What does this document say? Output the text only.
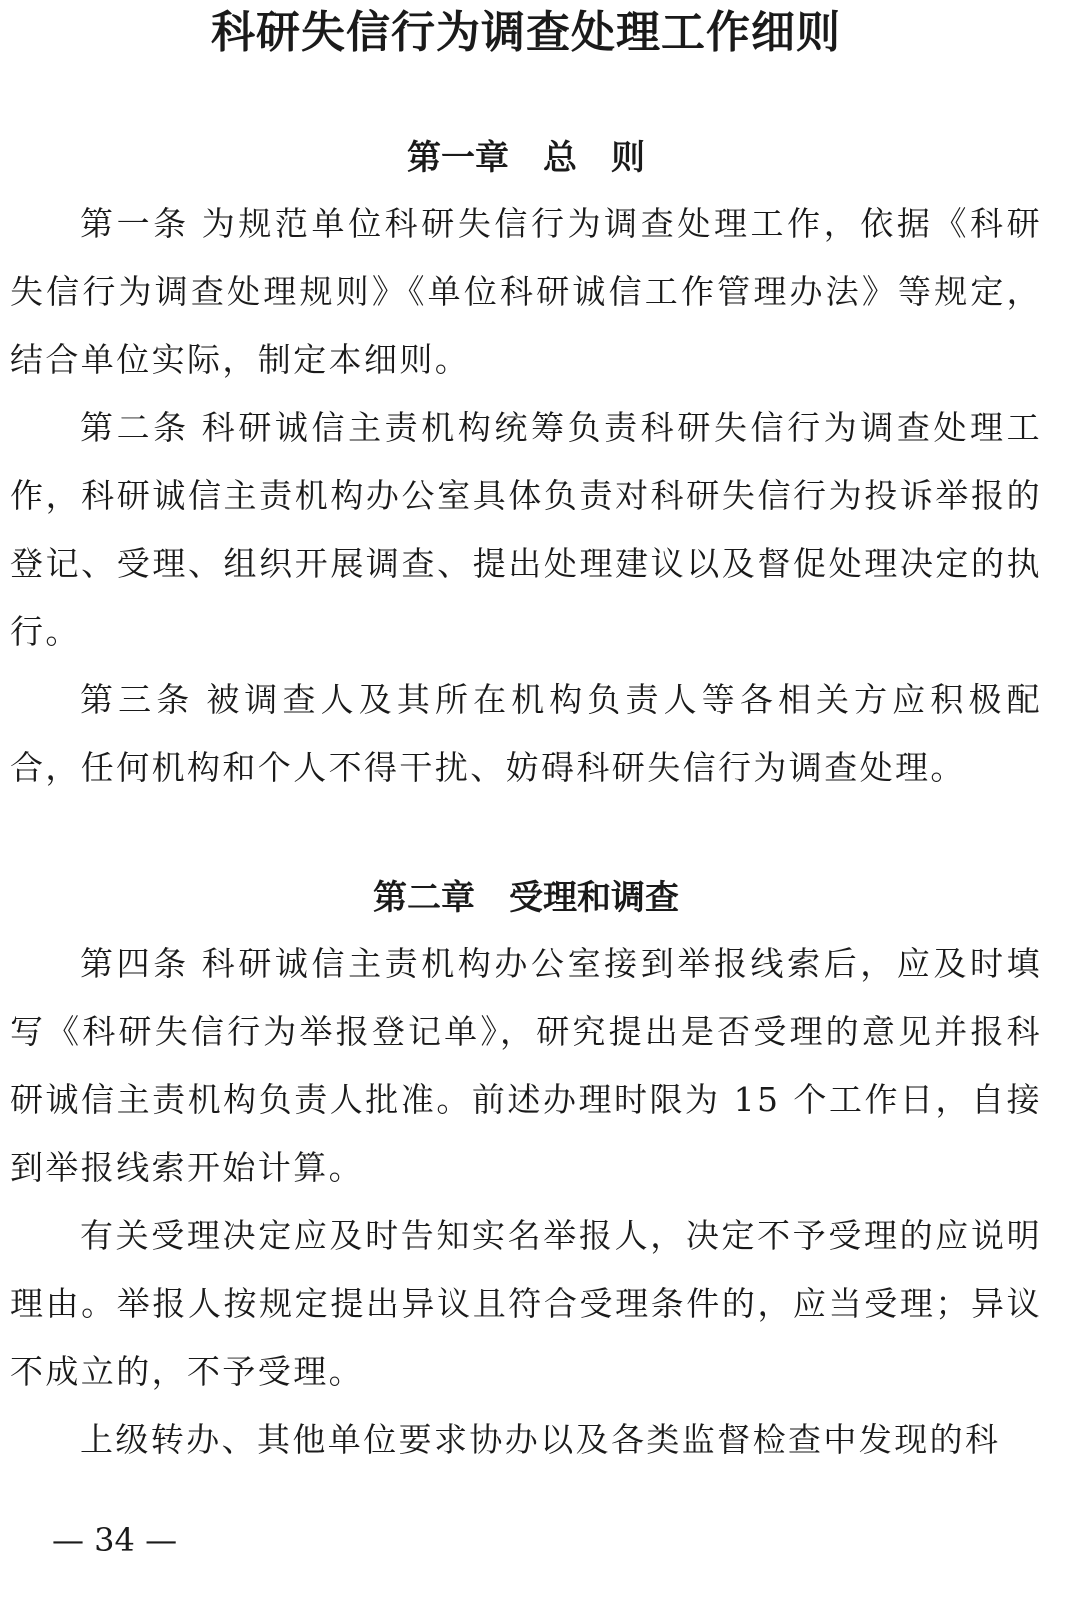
科研失信行为调查处理工作细则
第一章 总　则

第一条 为规范单位科研失信行为调查处理工作，依据《科研失信行为调查处理规则》《单位科研诚信工作管理办法》等规定，结合单位实际，制定本细则。

第二条 科研诚信主责机构统筹负责科研失信行为调查处理工作，科研诚信主责机构办公室具体负责对科研失信行为投诉举报的登记、受理、组织开展调查、提出处理建议以及督促处理决定的执行。

第三条 被调查人及其所在机构负责人等各相关方应积极配合，任何机构和个人不得干扰、妨碍科研失信行为调查处理。

第二章 受理和调查

第四条 科研诚信主责机构办公室接到举报线索后，应及时填写《科研失信行为举报登记单》，研究提出是否受理的意见并报科研诚信主责机构负责人批准。前述办理时限为 15 个工作日，自接到举报线索开始计算。

有关受理决定应及时告知实名举报人，决定不予受理的应说明理由。举报人按规定提出异议且符合受理条件的，应当受理；异议不成立的，不予受理。

上级转办、其他单位要求协办以及各类监督检查中发现的科

— 34 —
